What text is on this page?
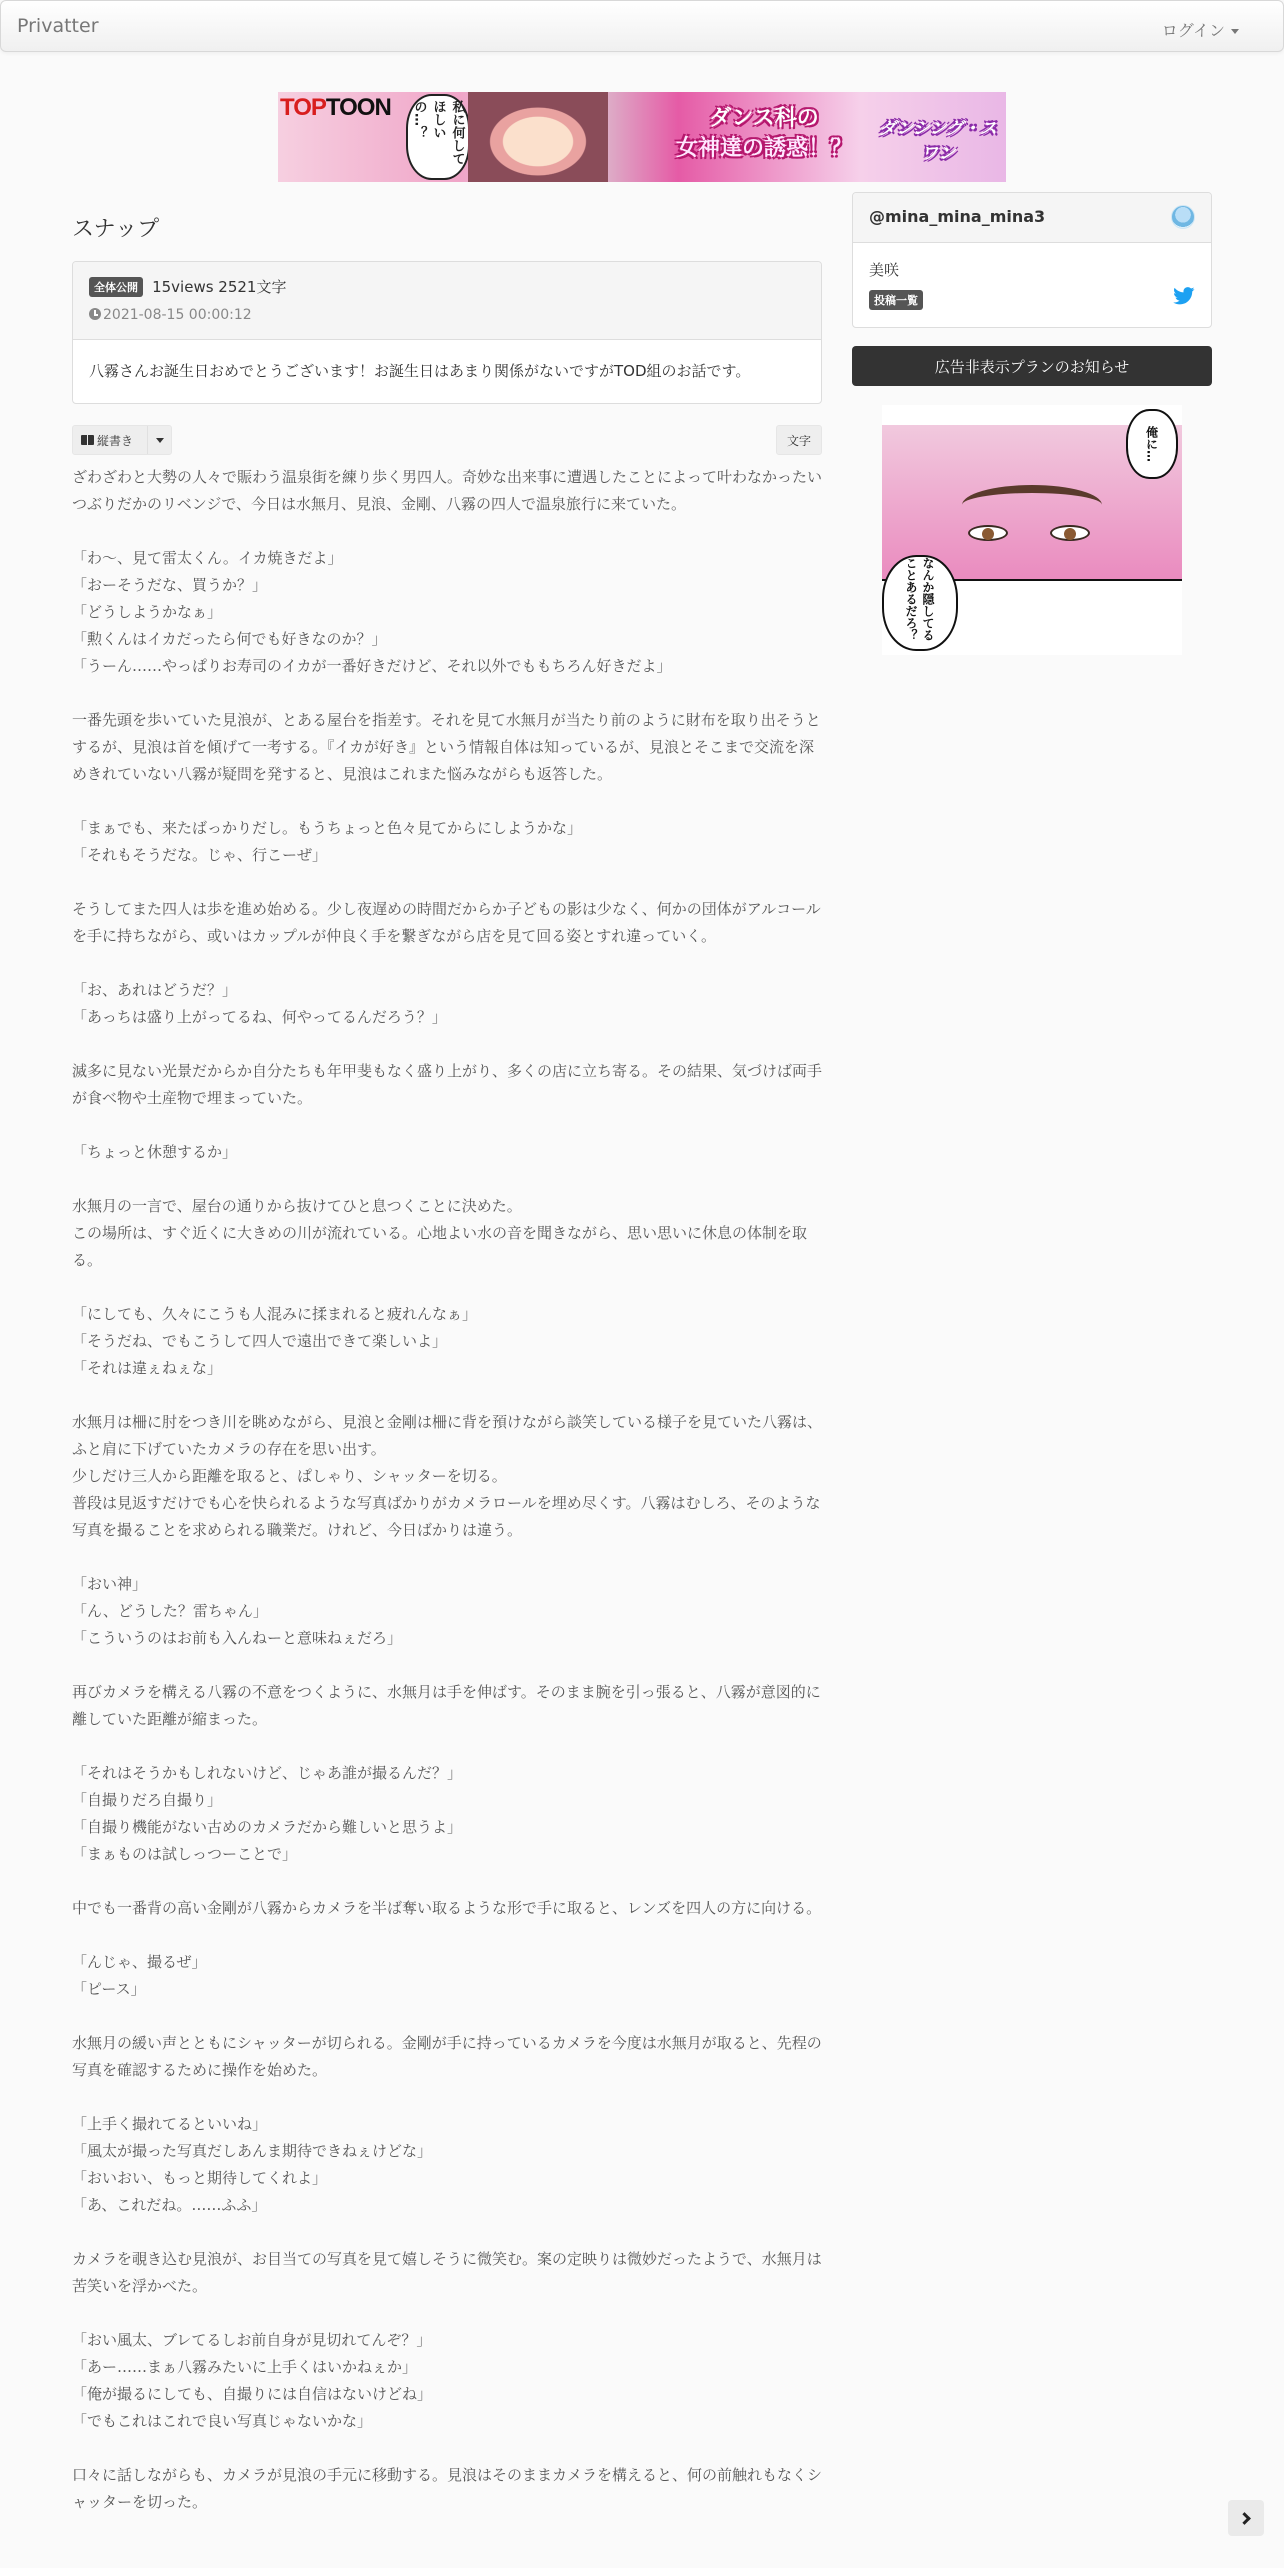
Privatter	ログイン
TOPTOON	私に何してほしいの…？	ダンス科の
女神達の誘惑！？
ダンシング・スワン
スナップ
全体公開 15views 2521文字
2021-08-15 00:00:12
八霧さんお誕生日おめでとうございます！お誕生日はあまり関係がないですがTOD組のお話です。
縦書き	文字

ざわざわと大勢の人々で賑わう温泉街を練り歩く男四人。奇妙な出来事に遭遇したことによって叶わなかったいつぶりだかのリベンジで、今日は水無月、見浪、金剛、八霧の四人で温泉旅行に来ていた。

「わ～、見て雷太くん。イカ焼きだよ」

「おーそうだな、買うか？」

「どうしようかなぁ」

「勲くんはイカだったら何でも好きなのか？」

「うーん……やっぱりお寿司のイカが一番好きだけど、それ以外でももちろん好きだよ」

一番先頭を歩いていた見浪が、とある屋台を指差す。それを見て水無月が当たり前のように財布を取り出そうとするが、見浪は首を傾げて一考する。『イカが好き』という情報自体は知っているが、見浪とそこまで交流を深めきれていない八霧が疑問を発すると、見浪はこれまた悩みながらも返答した。

「まぁでも、来たばっかりだし。もうちょっと色々見てからにしようかな」

「それもそうだな。じゃ、行こーぜ」

そうしてまた四人は歩を進め始める。少し夜遅めの時間だからか子どもの影は少なく、何かの団体がアルコールを手に持ちながら、或いはカップルが仲良く手を繋ぎながら店を見て回る姿とすれ違っていく。

「お、あれはどうだ？」

「あっちは盛り上がってるね、何やってるんだろう？」

滅多に見ない光景だからか自分たちも年甲斐もなく盛り上がり、多くの店に立ち寄る。その結果、気づけば両手が食べ物や土産物で埋まっていた。

「ちょっと休憩するか」

水無月の一言で、屋台の通りから抜けてひと息つくことに決めた。

この場所は、すぐ近くに大きめの川が流れている。心地よい水の音を聞きながら、思い思いに休息の体制を取る。

「にしても、久々にこうも人混みに揉まれると疲れんなぁ」

「そうだね、でもこうして四人で遠出できて楽しいよ」

「それは違ぇねぇな」

水無月は柵に肘をつき川を眺めながら、見浪と金剛は柵に背を預けながら談笑している様子を見ていた八霧は、ふと肩に下げていたカメラの存在を思い出す。

少しだけ三人から距離を取ると、ぱしゃり、シャッターを切る。

普段は見返すだけでも心を快られるような写真ばかりがカメラロールを埋め尽くす。八霧はむしろ、そのような写真を撮ることを求められる職業だ。けれど、今日ばかりは違う。

「おい神」

「ん、どうした？雷ちゃん」

「こういうのはお前も入んねーと意味ねぇだろ」

再びカメラを構える八霧の不意をつくように、水無月は手を伸ばす。そのまま腕を引っ張ると、八霧が意図的に離していた距離が縮まった。

「それはそうかもしれないけど、じゃあ誰が撮るんだ？」

「自撮りだろ自撮り」

「自撮り機能がない古めのカメラだから難しいと思うよ」

「まぁものは試しっつーことで」

中でも一番背の高い金剛が八霧からカメラを半ば奪い取るような形で手に取ると、レンズを四人の方に向ける。

「んじゃ、撮るぜ」

「ピース」

水無月の緩い声とともにシャッターが切られる。金剛が手に持っているカメラを今度は水無月が取ると、先程の写真を確認するために操作を始めた。

「上手く撮れてるといいね」

「風太が撮った写真だしあんま期待できねぇけどな」

「おいおい、もっと期待してくれよ」

「あ、これだね。……ふふ」

カメラを覗き込む見浪が、お目当ての写真を見て嬉しそうに微笑む。案の定映りは微妙だったようで、水無月は苦笑いを浮かべた。

「おい風太、ブレてるしお前自身が見切れてんぞ？」

「あー……まぁ八霧みたいに上手くはいかねぇか」

「俺が撮るにしても、自撮りには自信はないけどね」

「でもこれはこれで良い写真じゃないかな」

口々に話しながらも、カメラが見浪の手元に移動する。見浪はそのままカメラを構えると、何の前触れもなくシャッターを切った。

@mina_mina_mina3
美咲
投稿一覧
広告非表示プランのお知らせ
俺に…
なんか隠してることあるだろ？
